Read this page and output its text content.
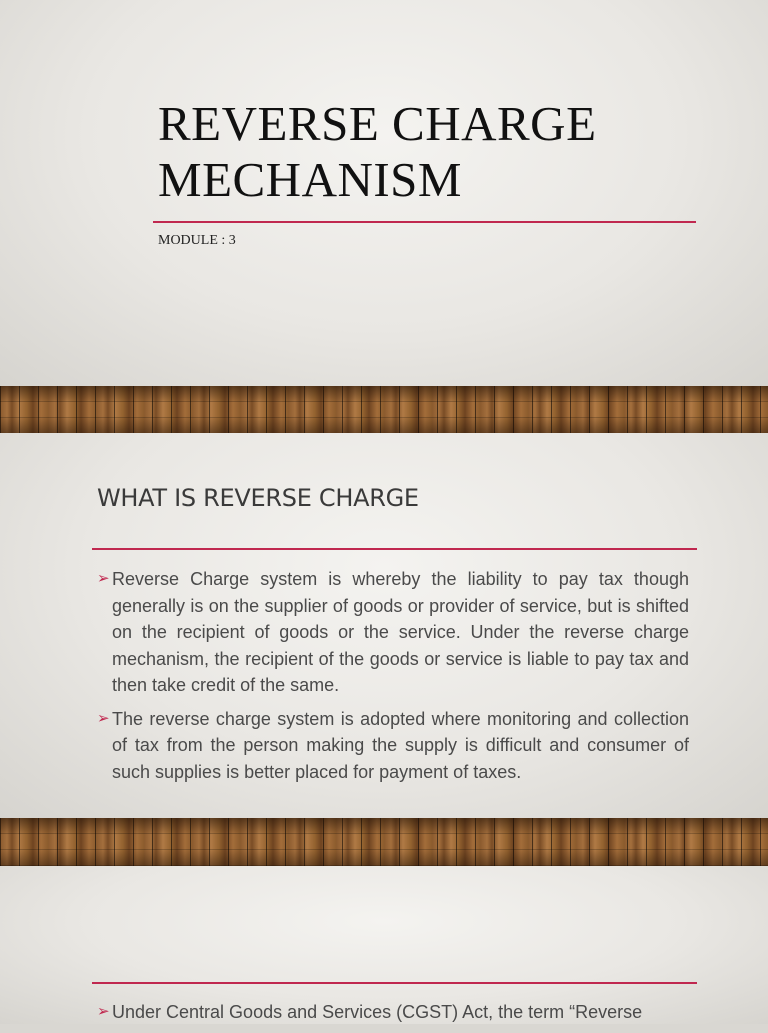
REVERSE CHARGE
MECHANISM
MODULE : 3
WHAT IS REVERSE CHARGE
➢ Reverse Charge system is whereby the liability to pay tax though generally is on the supplier of goods or provider of service, but is shifted on the recipient of goods or the service. Under the reverse charge mechanism, the recipient of the goods or service is liable to pay tax and then take credit of the same.
➢ The reverse charge system is adopted where monitoring and collection of tax from the person making the supply is difficult and consumer of such supplies is better placed for payment of taxes.
➢ Under Central Goods and Services (CGST) Act, the term “Reverse
